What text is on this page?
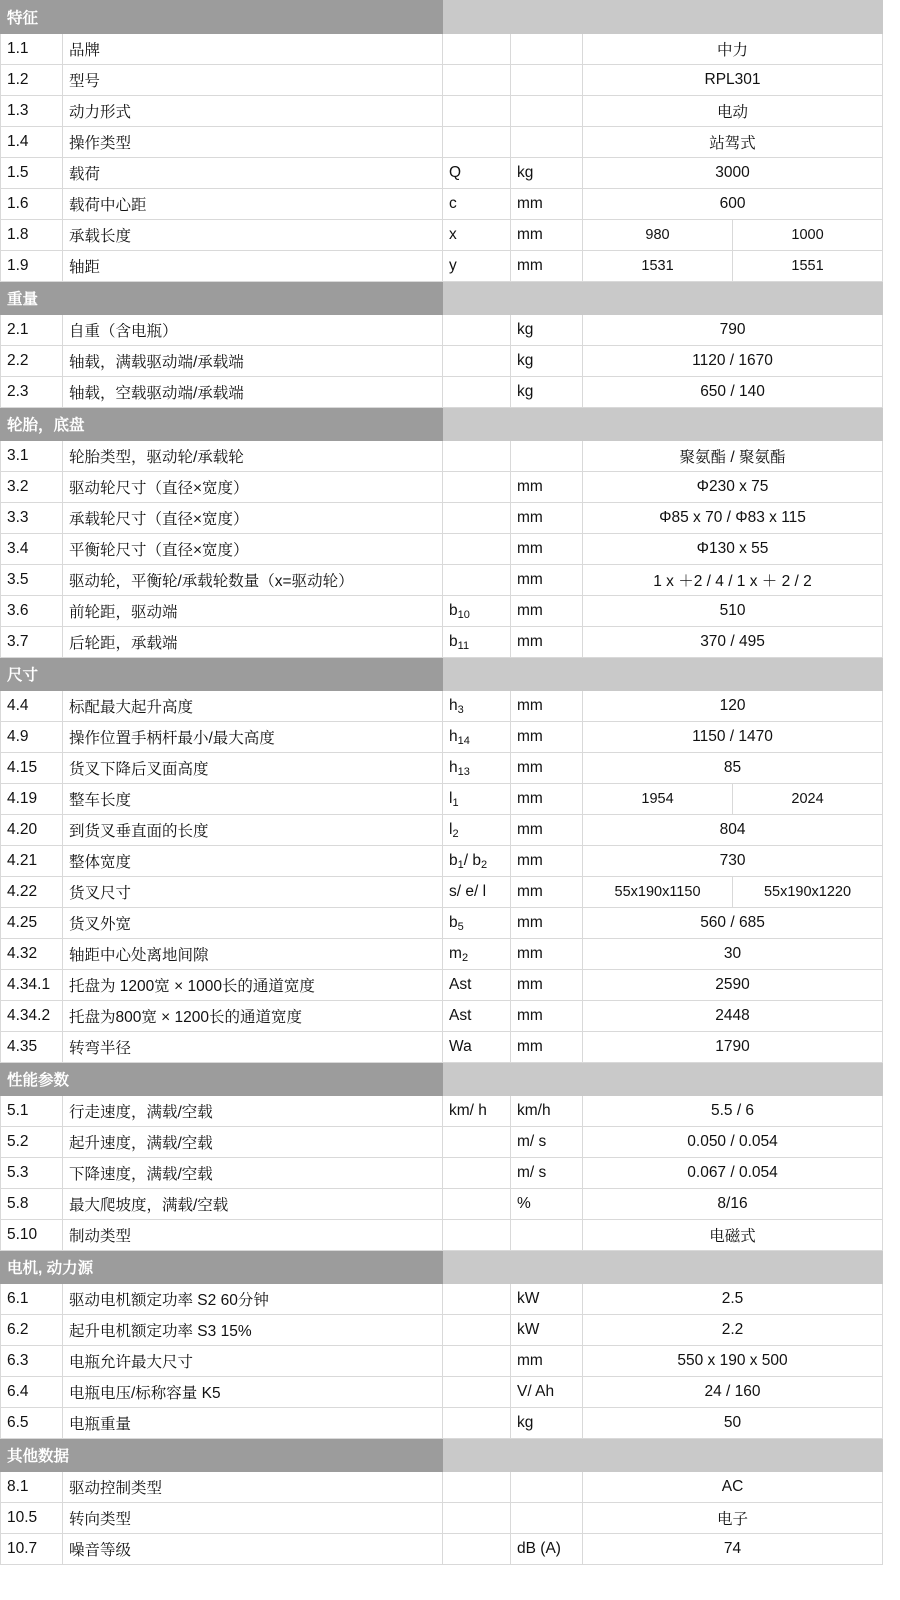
特征					
1.1	品牌			中力	
1.2	型号			RPL301	
1.3	动力形式			电动	
1.4	操作类型			站驾式	
1.5	载荷	Q	kg	3000	
1.6	载荷中心距	c	mm	600	
1.8	承载长度	x	mm	980	1000
1.9	轴距	y	mm	1531	1551
重量					
2.1	自重（含电瓶）		kg	790	
2.2	轴载，满载驱动端/承载端		kg	1120 / 1670	
2.3	轴载，空载驱动端/承载端		kg	650 / 140	
轮胎，底盘					
3.1	轮胎类型，驱动轮/承载轮			聚氨酯 / 聚氨酯	
3.2	驱动轮尺寸（直径×宽度）		mm	Φ230 x 75	
3.3	承载轮尺寸（直径×宽度）		mm	Φ85 x 70 / Φ83 x 115	
3.4	平衡轮尺寸（直径×宽度）		mm	Φ130 x 55	
3.5	驱动轮，平衡轮/承载轮数量（x=驱动轮）		mm	1 x ＋2 / 4 / 1 x ＋ 2 / 2	
3.6	前轮距，驱动端	$b_{10}$	mm	510	
3.7	后轮距，承载端	$b_{11}$	mm	370 / 495	
尺寸					
4.4	标配最大起升高度	$h_3$	mm	120	
4.9	操作位置手柄杆最小/最大高度	$h_{14}$	mm	1150 / 1470	
4.15	货叉下降后叉面高度	$h_{13}$	mm	85	
4.19	整车长度	$l_1$	mm	1954	2024
4.20	到货叉垂直面的长度	$l_2$	mm	804	
4.21	整体宽度	$b_1/$ $b_2$	mm	730	
4.22	货叉尺寸	s/ e/ l	mm	55x190x1150	55x190x1220
4.25	货叉外宽	$b_5$	mm	560 / 685	
4.32	轴距中心处离地间隙	$m_2$	mm	30	
4.34.1	托盘为 1200宽 × 1000长的通道宽度	Ast	mm	2590	
4.34.2	托盘为800宽 × 1200长的通道宽度	Ast	mm	2448	
4.35	转弯半径	Wa	mm	1790	
性能参数					
5.1	行走速度，满载/空载	km/ h	km/h	5.5 / 6	
5.2	起升速度，满载/空载		m/ s	0.050 / 0.054	
5.3	下降速度，满载/空载		m/ s	0.067 / 0.054	
5.8	最大爬坡度，满载/空载		%	8/16	
5.10	制动类型			电磁式	
电机, 动力源					
6.1	驱动电机额定功率 S2 60分钟		kW	2.5	
6.2	起升电机额定功率 S3 15%		kW	2.2	
6.3	电瓶允许最大尺寸		mm	550 x 190 x 500	
6.4	电瓶电压/标称容量 K5		V/ Ah	24 / 160	
6.5	电瓶重量		kg	50	
其他数据					
8.1	驱动控制类型			AC	
10.5	转向类型			电子	
10.7	噪音等级		dB (A)	74	
